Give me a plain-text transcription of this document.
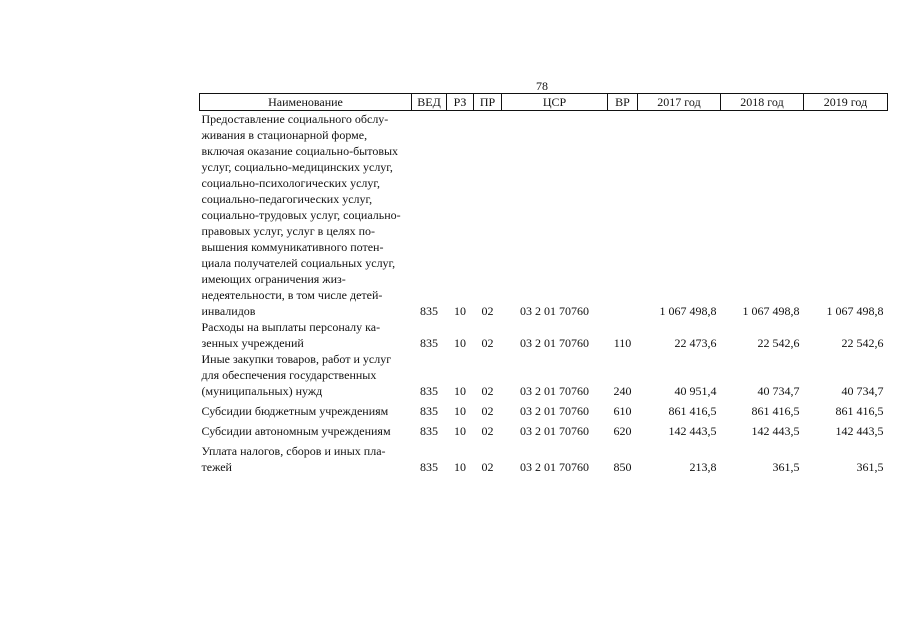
78
Наименование	ВЕД	РЗ	ПР	ЦСР	ВР	2017 год	2018 год	2019 год
Предоставление социального обслу-живания в стационарной форме, включая оказание социально-бытовых услуг, социально-медицинских услуг, социально-психологических услуг, социально-педагогических услуг, социально-трудовых услуг, социально-правовых услуг, услуг в целях по-вышения коммуникативного потен-циала получателей социальных услуг, имеющих ограничения жиз-недеятельности, в том числе детей-инвалидов	835	10	02	03 2 01 70760		1 067 498,8	1 067 498,8	1 067 498,8
Расходы на выплаты персоналу ка-зенных учреждений	835	10	02	03 2 01 70760	110	22 473,6	22 542,6	22 542,6
Иные закупки товаров, работ и услуг для обеспечения государственных (муниципальных) нужд	835	10	02	03 2 01 70760	240	40 951,4	40 734,7	40 734,7
Субсидии бюджетным учреждениям	835	10	02	03 2 01 70760	610	861 416,5	861 416,5	861 416,5
Субсидии автономным учреждениям	835	10	02	03 2 01 70760	620	142 443,5	142 443,5	142 443,5
Уплата налогов, сборов и иных пла-тежей	835	10	02	03 2 01 70760	850	213,8	361,5	361,5
